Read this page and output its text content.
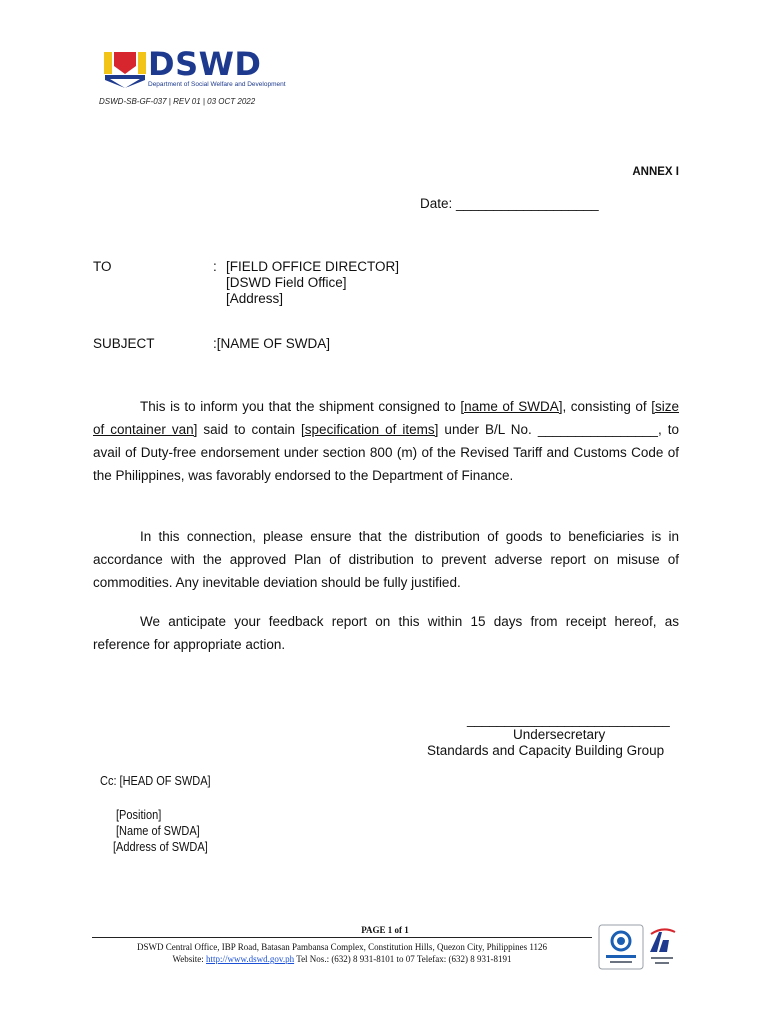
DSWD
Department of Social Welfare and Development
DSWD-SB-GF-037 | REV 01 | 03 OCT 2022
ANNEX I
Date: ___________________
TO	: [FIELD OFFICE DIRECTOR]
[DSWD Field Office]
[Address]
SUBJECT	:[NAME OF SWDA]
This is to inform you that the shipment consigned to [name of SWDA], consisting of [size of container van] said to contain [specification of items] under B/L No. ________________, to avail of Duty-free endorsement under section 800 (m) of the Revised Tariff and Customs Code of the Philippines, was favorably endorsed to the Department of Finance.
In this connection, please ensure that the distribution of goods to beneficiaries is in accordance with the approved Plan of distribution to prevent adverse report on misuse of commodities. Any inevitable deviation should be fully justified.
We anticipate your feedback report on this within 15 days from receipt hereof, as reference for appropriate action.
___________________________
Undersecretary
Standards and Capacity Building Group
Cc: [HEAD OF SWDA]
[Position]
[Name of SWDA]
[Address of SWDA]
PAGE 1 of 1
DSWD Central Office, IBP Road, Batasan Pambansa Complex, Constitution Hills, Quezon City, Philippines 1126
Website: http://www.dswd.gov.ph Tel Nos.: (632) 8 931-8101 to 07 Telefax: (632) 8 931-8191
